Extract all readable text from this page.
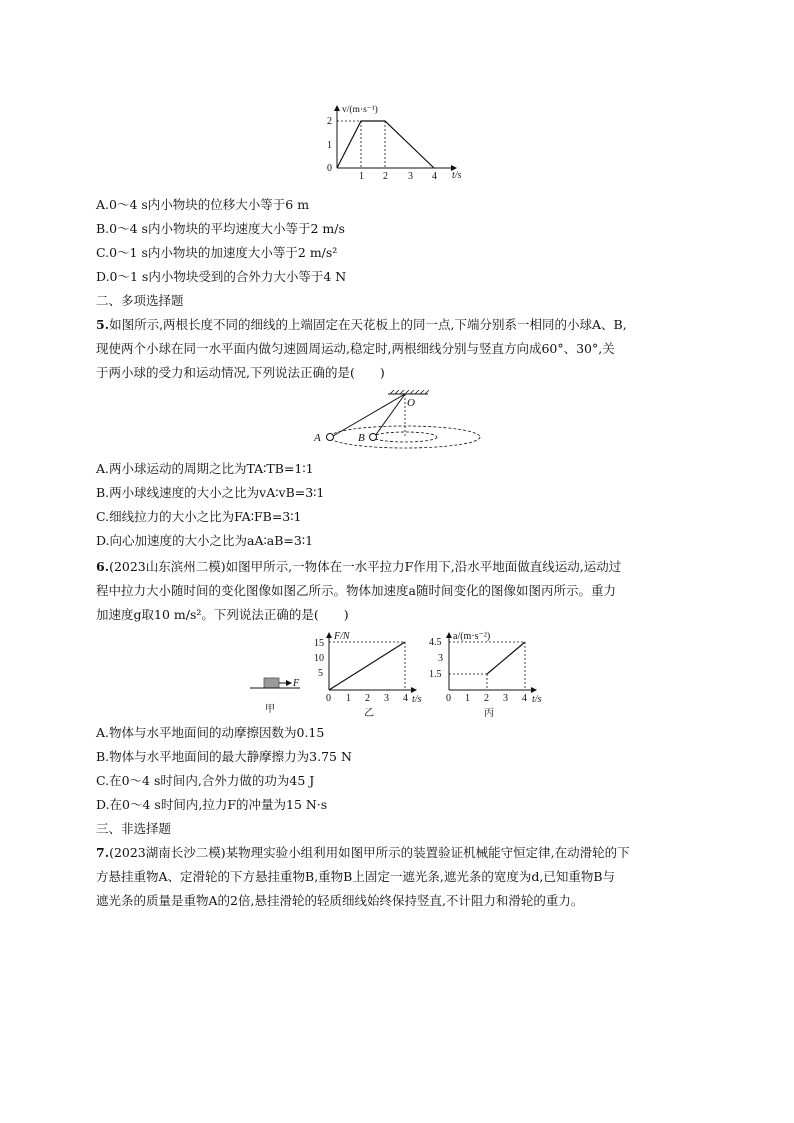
v/(m·s⁻¹)
t/s
2
1
0
1 2 3 4
A.0～4 s内小物块的位移大小等于6 m
B.0～4 s内小物块的平均速度大小等于2 m/s
C.0～1 s内小物块的加速度大小等于2 m/s²
D.0～1 s内小物块受到的合外力大小等于4 N
二、多项选择题
5.如图所示,两根长度不同的细线的上端固定在天花板上的同一点,下端分别系一相同的小球A、B,
现使两个小球在同一水平面内做匀速圆周运动,稳定时,两根细线分别与竖直方向成60°、30°,关
于两小球的受力和运动情况,下列说法正确的是(　　)
O
A	B
A.两小球运动的周期之比为TA∶TB=1∶1
B.两小球线速度的大小之比为vA∶vB=3∶1
C.细线拉力的大小之比为FA∶FB=3∶1
D.向心加速度的大小之比为aA∶aB=3∶1
6.(2023山东滨州二模)如图甲所示,一物体在一水平拉力F作用下,沿水平地面做直线运动,运动过
程中拉力大小随时间的变化图像如图乙所示。物体加速度a随时间变化的图像如图丙所示。重力
加速度g取10 m/s²。下列说法正确的是(　　)
F
甲
F/N
t/s
15
10
5
0 1 2 3 4
乙
a/(m·s⁻²)
t/s
4.5
3
1.5
0 1 2 3 4
丙
A.物体与水平地面间的动摩擦因数为0.15
B.物体与水平地面间的最大静摩擦力为3.75 N
C.在0～4 s时间内,合外力做的功为45 J
D.在0～4 s时间内,拉力F的冲量为15 N·s
三、非选择题
7.(2023湖南长沙二模)某物理实验小组利用如图甲所示的装置验证机械能守恒定律,在动滑轮的下
方悬挂重物A、定滑轮的下方悬挂重物B,重物B上固定一遮光条,遮光条的宽度为d,已知重物B与
遮光条的质量是重物A的2倍,悬挂滑轮的轻质细线始终保持竖直,不计阻力和滑轮的重力。
